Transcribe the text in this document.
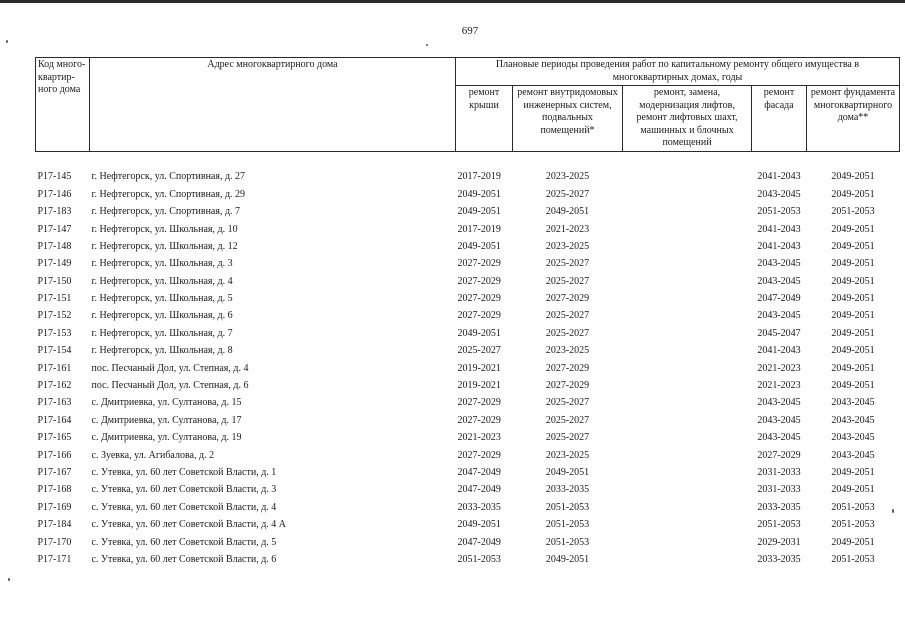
697
Код много-квартир-ного дома	Адрес многоквартирного дома	Плановые периоды проведения работ по капитальному ремонту общего имущества в многоквартирных домах, годы				
		ремонт крыши	ремонт внутридомовых инженерных систем, подвальных помещений*	ремонт, замена, модернизация лифтов, ремонт лифтовых шахт, машинных и блочных помещений	ремонт фасада	ремонт фундамента многоквартирного дома**

Р17-145	г. Нефтегорск, ул. Спортивная, д. 27	2017-2019	2023-2025		2041-2043	2049-2051
Р17-146	г. Нефтегорск, ул. Спортивная, д. 29	2049-2051	2025-2027		2043-2045	2049-2051
Р17-183	г. Нефтегорск, ул. Спортивная, д. 7	2049-2051	2049-2051		2051-2053	2051-2053
Р17-147	г. Нефтегорск, ул. Школьная, д. 10	2017-2019	2021-2023		2041-2043	2049-2051
Р17-148	г. Нефтегорск, ул. Школьная, д. 12	2049-2051	2023-2025		2041-2043	2049-2051
Р17-149	г. Нефтегорск, ул. Школьная, д. 3	2027-2029	2025-2027		2043-2045	2049-2051
Р17-150	г. Нефтегорск, ул. Школьная, д. 4	2027-2029	2025-2027		2043-2045	2049-2051
Р17-151	г. Нефтегорск, ул. Школьная, д. 5	2027-2029	2027-2029		2047-2049	2049-2051
Р17-152	г. Нефтегорск, ул. Школьная, д. 6	2027-2029	2025-2027		2043-2045	2049-2051
Р17-153	г. Нефтегорск, ул. Школьная, д. 7	2049-2051	2025-2027		2045-2047	2049-2051
Р17-154	г. Нефтегорск, ул. Школьная, д. 8	2025-2027	2023-2025		2041-2043	2049-2051
Р17-161	пос. Песчаный Дол, ул. Степная, д. 4	2019-2021	2027-2029		2021-2023	2049-2051
Р17-162	пос. Песчаный Дол, ул. Степная, д. 6	2019-2021	2027-2029		2021-2023	2049-2051
Р17-163	с. Дмитриевка, ул. Султанова, д. 15	2027-2029	2025-2027		2043-2045	2043-2045
Р17-164	с. Дмитриевка, ул. Султанова, д. 17	2027-2029	2025-2027		2043-2045	2043-2045
Р17-165	с. Дмитриевка, ул. Султанова, д. 19	2021-2023	2025-2027		2043-2045	2043-2045
Р17-166	с. Зуевка, ул. Агибалова, д. 2	2027-2029	2023-2025		2027-2029	2043-2045
Р17-167	с. Утевка, ул. 60 лет Советской Власти, д. 1	2047-2049	2049-2051		2031-2033	2049-2051
Р17-168	с. Утевка, ул. 60 лет Советской Власти, д. 3	2047-2049	2033-2035		2031-2033	2049-2051
Р17-169	с. Утевка, ул. 60 лет Советской Власти, д. 4	2033-2035	2051-2053		2033-2035	2051-2053
Р17-184	с. Утевка, ул. 60 лет Советской Власти, д. 4 А	2049-2051	2051-2053		2051-2053	2051-2053
Р17-170	с. Утевка, ул. 60 лет Советской Власти, д. 5	2047-2049	2051-2053		2029-2031	2049-2051
Р17-171	с. Утевка, ул. 60 лет Советской Власти, д. 6	2051-2053	2049-2051		2033-2035	2051-2053
